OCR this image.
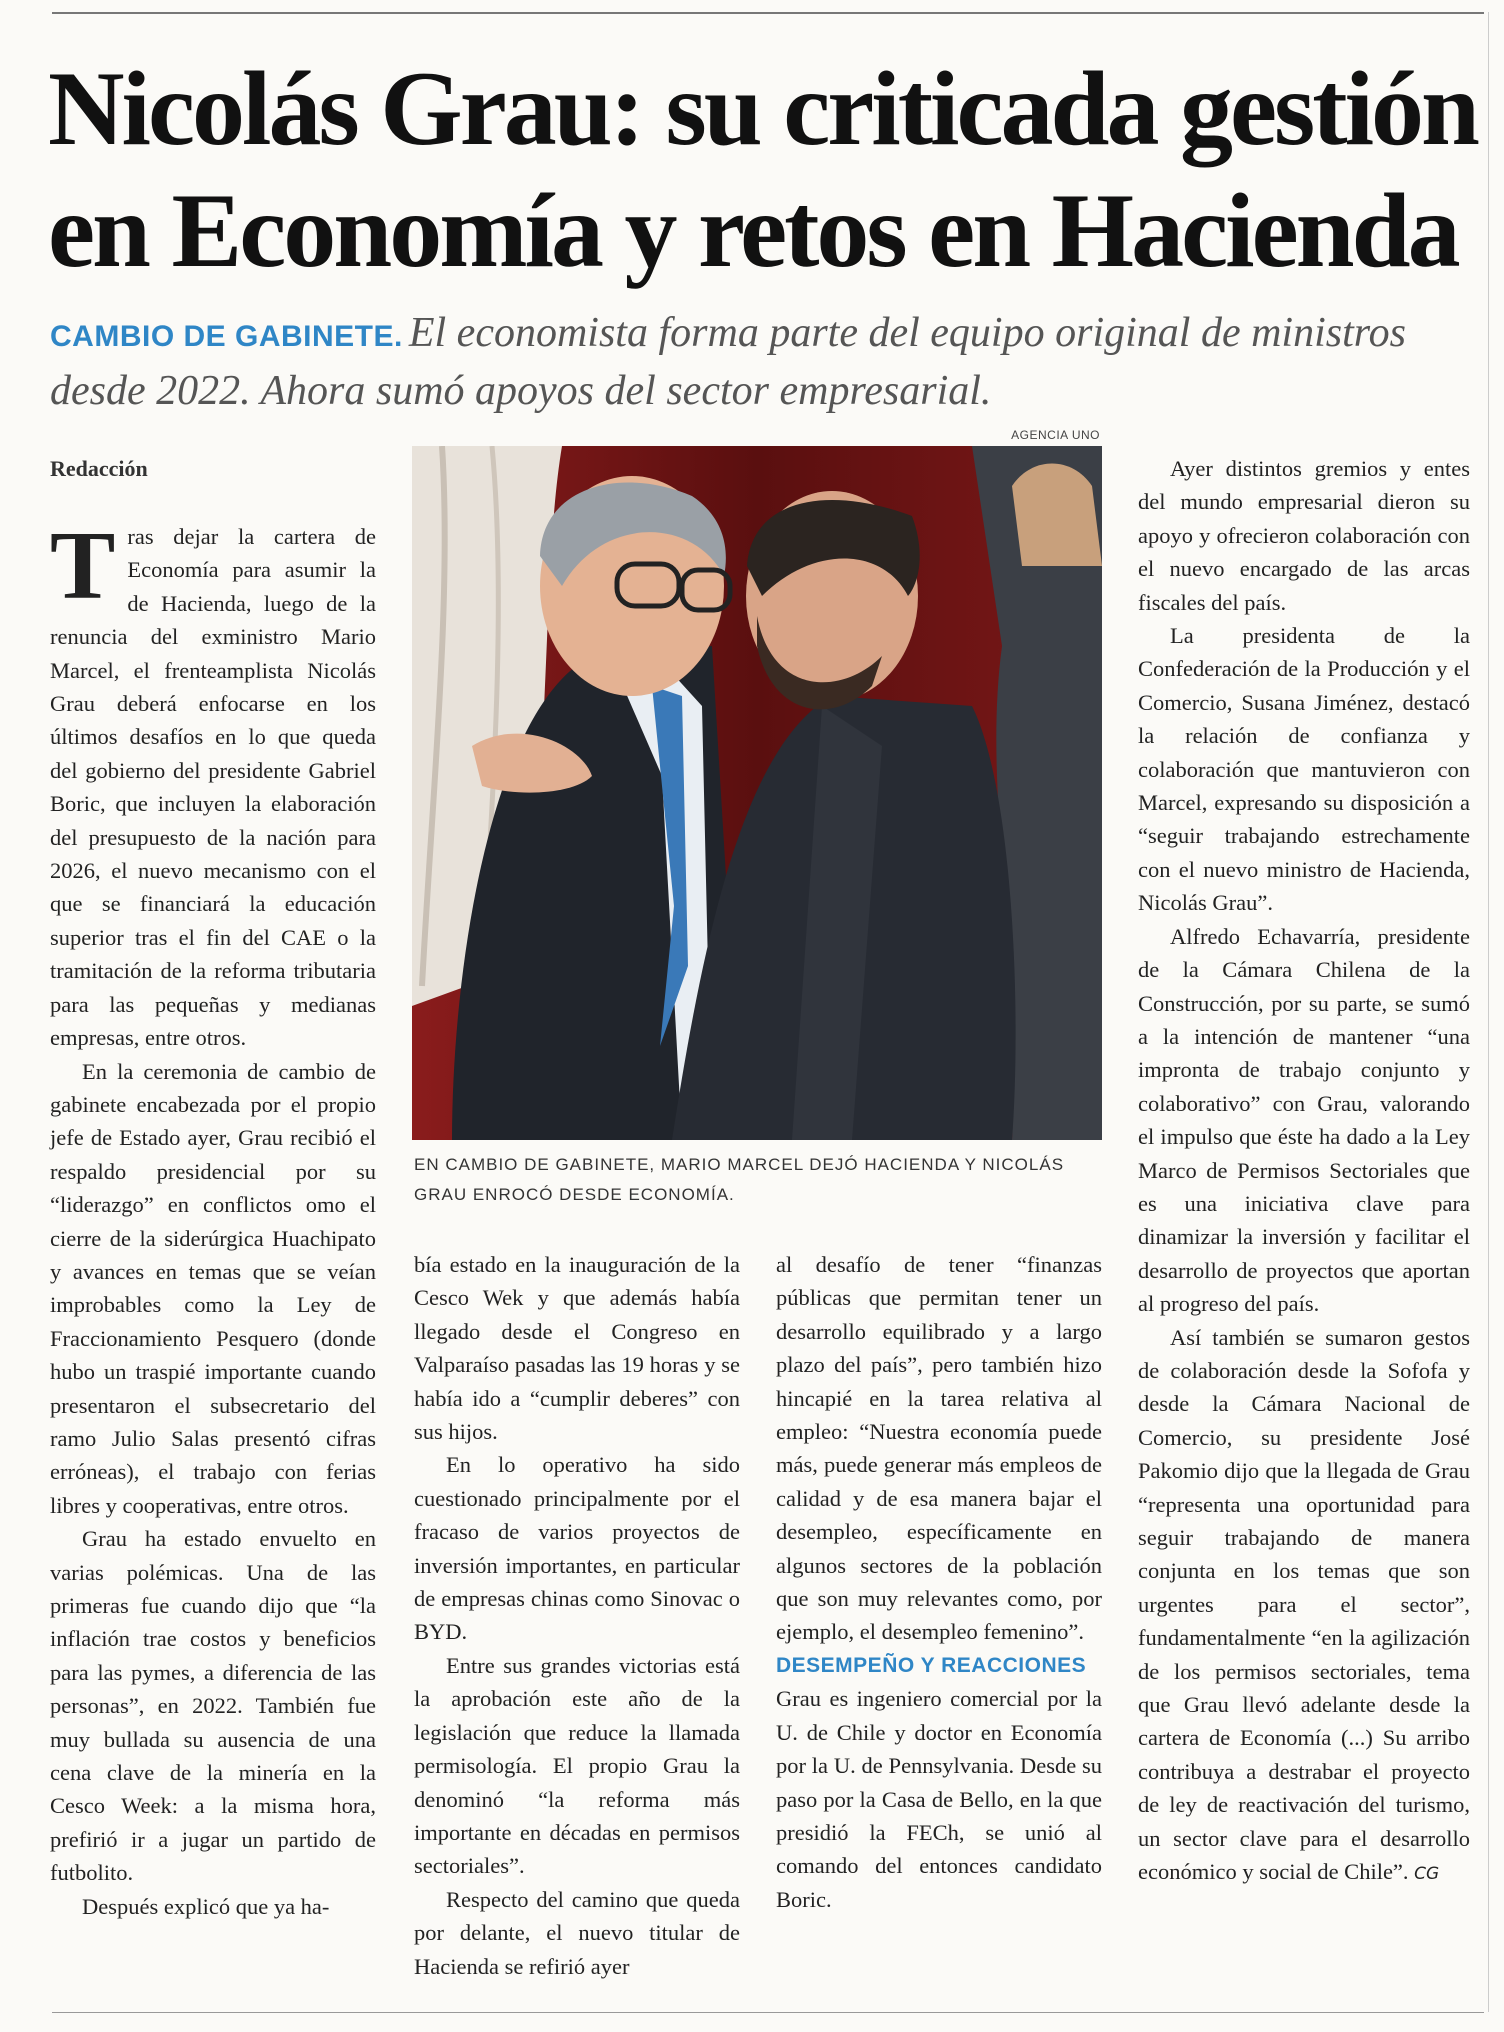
Nicolás Grau: su criticada gestión en Economía y retos en Hacienda

CAMBIO DE GABINETE. El economista forma parte del equipo original de ministros desde 2022. Ahora sumó apoyos del sector empresarial.

Redacción

Tras dejar la cartera de Economía para asumir la de Hacienda, luego de la renuncia del exministro Mario Marcel, el frenteamplista Nicolás Grau deberá enfocarse en los últimos desafíos en lo que queda del gobierno del presidente Gabriel Boric, que incluyen la elaboración del presupuesto de la nación para 2026, el nuevo mecanismo con el que se financiará la educación superior tras el fin del CAE o la tramitación de la reforma tributaria para las pequeñas y medianas empresas, entre otros.

En la ceremonia de cambio de gabinete encabezada por el propio jefe de Estado ayer, Grau recibió el respaldo presidencial por su “liderazgo” en conflictos omo el cierre de la siderúrgica Huachipato y avances en temas que se veían improbables como la Ley de Fraccionamiento Pesquero (donde hubo un traspié importante cuando presentaron el subsecretario del ramo Julio Salas presentó cifras erróneas), el trabajo con ferias libres y cooperativas, entre otros.

Grau ha estado envuelto en varias polémicas. Una de las primeras fue cuando dijo que “la inflación trae costos y beneficios para las pymes, a diferencia de las personas”, en 2022. También fue muy bullada su ausencia de una cena clave de la minería en la Cesco Week: a la misma hora, prefirió ir a jugar un partido de futbolito.

Después explicó que ya ha-

AGENCIA UNO

EN CAMBIO DE GABINETE, MARIO MARCEL DEJÓ HACIENDA Y NICOLÁS GRAU ENROCÓ DESDE ECONOMÍA.

bía estado en la inauguración de la Cesco Wek y que además había llegado desde el Congreso en Valparaíso pasadas las 19 horas y se había ido a “cumplir deberes” con sus hijos.

En lo operativo ha sido cuestionado principalmente por el fracaso de varios proyectos de inversión importantes, en particular de empresas chinas como Sinovac o BYD.

Entre sus grandes victorias está la aprobación este año de la legislación que reduce la llamada permisología. El propio Grau la denominó “la reforma más importante en décadas en permisos sectoriales”.

Respecto del camino que queda por delante, el nuevo titular de Hacienda se refirió ayer

al desafío de tener “finanzas públicas que permitan tener un desarrollo equilibrado y a largo plazo del país”, pero también hizo hincapié en la tarea relativa al empleo: “Nuestra economía puede más, puede generar más empleos de calidad y de esa manera bajar el desempleo, específicamente en algunos sectores de la población que son muy relevantes como, por ejemplo, el desempleo femenino”.

DESEMPEÑO Y REACCIONES

Grau es ingeniero comercial por la U. de Chile y doctor en Economía por la U. de Pennsylvania. Desde su paso por la Casa de Bello, en la que presidió la FECh, se unió al comando del entonces candidato Boric.

Ayer distintos gremios y entes del mundo empresarial dieron su apoyo y ofrecieron colaboración con el nuevo encargado de las arcas fiscales del país.

La presidenta de la Confederación de la Producción y el Comercio, Susana Jiménez, destacó la relación de confianza y colaboración que mantuvieron con Marcel, expresando su disposición a “seguir trabajando estrechamente con el nuevo ministro de Hacienda, Nicolás Grau”.

Alfredo Echavarría, presidente de la Cámara Chilena de la Construcción, por su parte, se sumó a la intención de mantener “una impronta de trabajo conjunto y colaborativo” con Grau, valorando el impulso que éste ha dado a la Ley Marco de Permisos Sectoriales que es una iniciativa clave para dinamizar la inversión y facilitar el desarrollo de proyectos que aportan al progreso del país.

Así también se sumaron gestos de colaboración desde la Sofofa y desde la Cámara Nacional de Comercio, su presidente José Pakomio dijo que la llegada de Grau “representa una oportunidad para seguir trabajando de manera conjunta en los temas que son urgentes para el sector”, fundamentalmente “en la agilización de los permisos sectoriales, tema que Grau llevó adelante desde la cartera de Economía (...) Su arribo contribuya a destrabar el proyecto de ley de reactivación del turismo, un sector clave para el desarrollo económico y social de Chile”. CG
